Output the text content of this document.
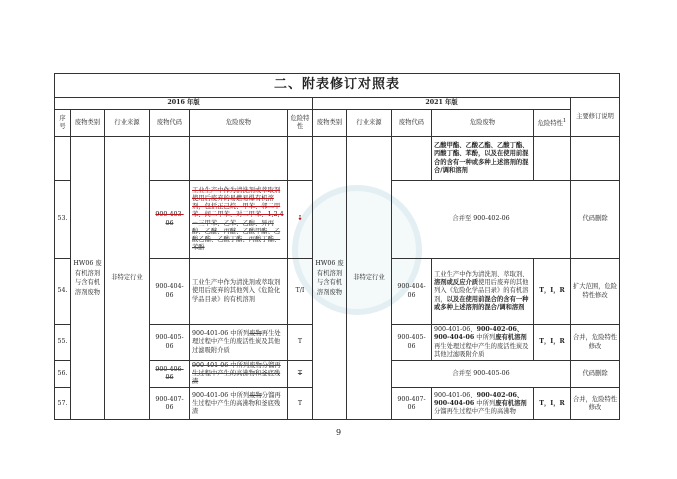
二、附表修订对照表											
2016 年版						2021 年版					主要修订说明
序号	废物类别	行业来源	废物代码	危险废物	危险特性	废物类别	行业来源	废物代码	危险废物	危险特性$^1$
	HW06 废有机溶剂与含有机溶剂废物	非特定行业				HW06 废有机溶剂与含有机溶剂废物	非特定行业		乙酸甲酯、乙酸乙酯、乙酸丁酯、丙酸丁酯、苯酚，以及在使用前混合的含有一种或多种上述溶剂的混合/调和溶剂		
53.			900-403-06	工业生产中作为清洗剂或萃取剂使用后废弃的易燃易爆有机溶剂，包括正己烷、甲苯、邻二甲苯、间二甲苯、对二甲苯、1,2,4－三甲苯、乙苯、乙醇、异丙醇、乙醚、丙醚、乙酸甲酯、乙酸乙酯、乙酸丁酯、丙酸丁酯、苯酚	I			合并至 900-402-06			代码删除
54.			900-404-06	工业生产中作为清洗剂或萃取剂使用后废弃的其他列入《危险化学品目录》的有机溶剂	T/I			900-404-06	工业生产中作为清洗剂、萃取剂、溶剂或反应介质使用后废弃的其他列入《危险化学品目录》的有机溶剂，以及在使用前混合的含有一种或多种上述溶剂的混合/调和溶剂	T，I，R	扩大范围，危险特性修改
55.			900-405-06	900-401-06 中所列废物再生处理过程中产生的废活性炭及其他过滤吸附介质	T			900-405-06	900-401-06、900-402-06、900-404-06 中所列废有机溶剂再生处理过程中产生的废活性炭及其他过滤吸附介质	T，I，R	合并，危险特性修改
56.			900-406-06	900-401-06 中所列废物分馏再生过程中产生的高沸物和釜底残渣	T			合并至 900-405-06			代码删除
57.			900-407-06	900-401-06 中所列废物分馏再生过程中产生的高沸物和釜底残渣	T			900-407-06	900-401-06、900-402-06、900-404-06 中所列废有机溶剂分馏再生过程中产生的高沸物	T，I，R	合并，危险特性修改
9
